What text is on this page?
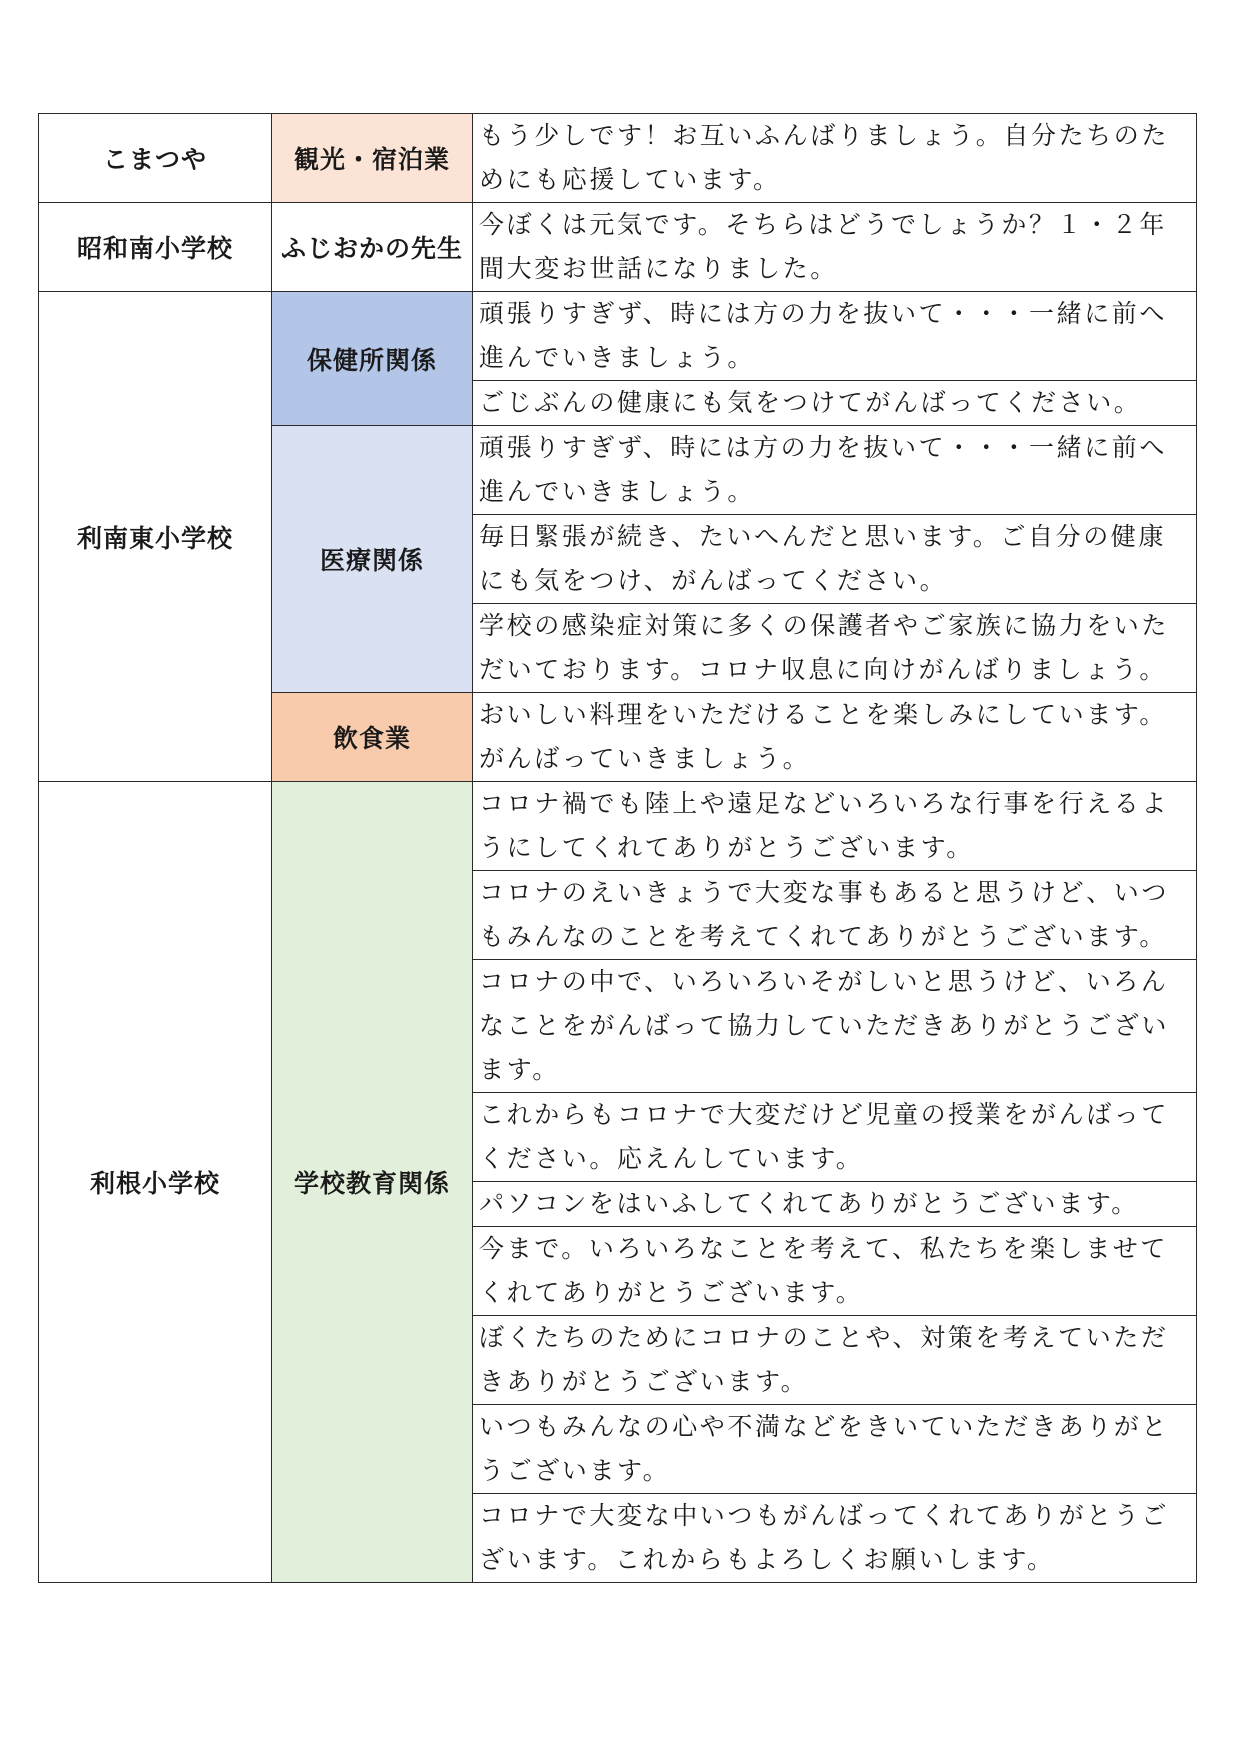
こまつや	観光・宿泊業	もう少しです！お互いふんばりましょう。自分たちのためにも応援しています。
昭和南小学校	ふじおかの先生	今ぼくは元気です。そちらはどうでしょうか？１・２年間大変お世話になりました。
利南東小学校	保健所関係	頑張りすぎず、時には方の力を抜いて・・・一緒に前へ進んでいきましょう。
		ごじぶんの健康にも気をつけてがんばってください。
	医療関係	頑張りすぎず、時には方の力を抜いて・・・一緒に前へ進んでいきましょう。
		毎日緊張が続き、たいへんだと思います。ご自分の健康にも気をつけ、がんばってください。
		学校の感染症対策に多くの保護者やご家族に協力をいただいております。コロナ収息に向けがんばりましょう。
	飲食業	おいしい料理をいただけることを楽しみにしています。がんばっていきましょう。
利根小学校	学校教育関係	コロナ禍でも陸上や遠足などいろいろな行事を行えるようにしてくれてありがとうございます。
		コロナのえいきょうで大変な事もあると思うけど、いつもみんなのことを考えてくれてありがとうございます。
		コロナの中で、いろいろいそがしいと思うけど、いろんなことをがんばって協力していただきありがとうございます。
		これからもコロナで大変だけど児童の授業をがんばってください。応えんしています。
		パソコンをはいふしてくれてありがとうございます。
		今まで。いろいろなことを考えて、私たちを楽しませてくれてありがとうございます。
		ぼくたちのためにコロナのことや、対策を考えていただきありがとうございます。
		いつもみんなの心や不満などをきいていただきありがとうございます。
		コロナで大変な中いつもがんばってくれてありがとうございます。これからもよろしくお願いします。
